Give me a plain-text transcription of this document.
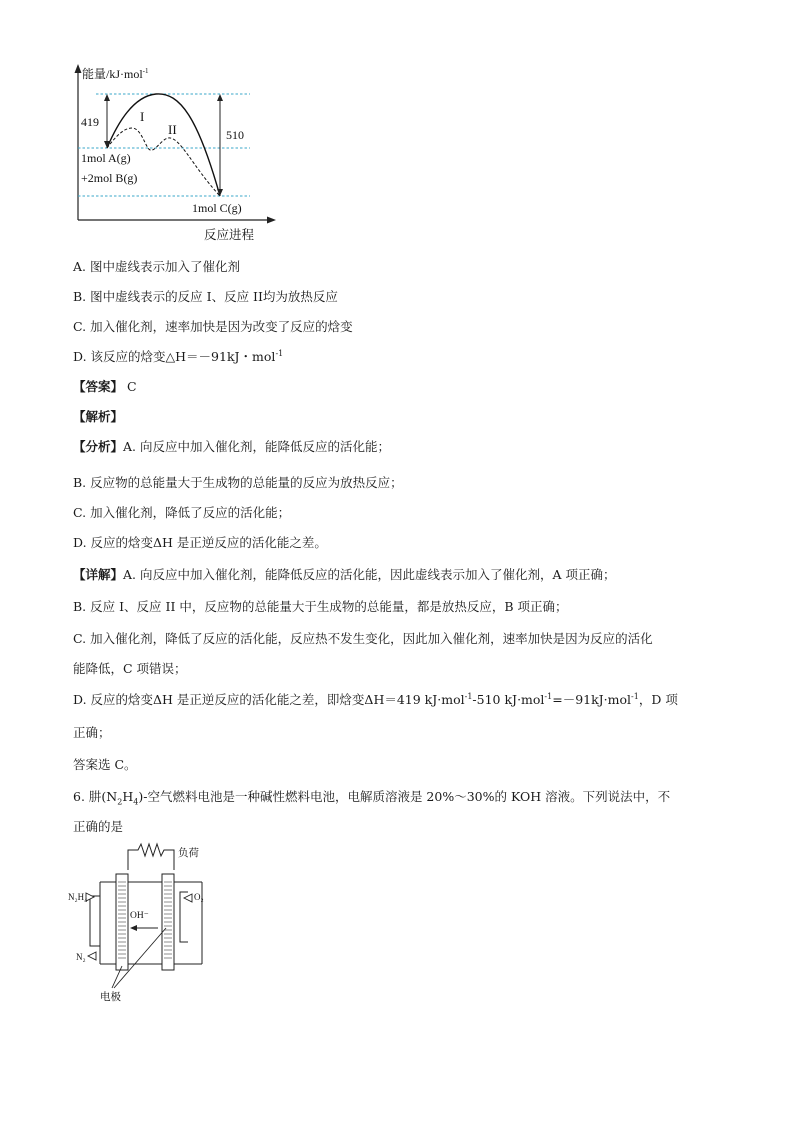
能量/kJ·mol$^{-1}$
I
II
419
510
1mol A(g)
+2mol B(g)
1mol C(g)
反应进程
A. 图中虚线表示加入了催化剂
B. 图中虚线表示的反应 I、反应 II均为放热反应
C. 加入催化剂，速率加快是因为改变了反应的焓变
D. 该反应的焓变△H＝－91kJ・mol$^{-1}$
【答案】 C
【解析】
【分析】A. 向反应中加入催化剂，能降低反应的活化能；
B. 反应物的总能量大于生成物的总能量的反应为放热反应；
C. 加入催化剂，降低了反应的活化能；
D. 反应的焓变ΔH 是正逆反应的活化能之差。
【详解】A. 向反应中加入催化剂，能降低反应的活化能，因此虚线表示加入了催化剂，A 项正确；
B. 反应 I、反应 II 中，反应物的总能量大于生成物的总能量，都是放热反应，B 项正确；
C. 加入催化剂，降低了反应的活化能，反应热不发生变化，因此加入催化剂，速率加快是因为反应的活化
能降低，C 项错误；
D. 反应的焓变ΔH 是正逆反应的活化能之差，即焓变ΔH＝419 kJ·mol$^{-1}$-510 kJ·mol$^{-1}$=－91kJ·mol$^{-1}$，D 项
正确；
答案选 C。
6. 肼$(N_2H_4)-$空气燃料电池是一种碱性燃料电池，电解质溶液是 20%～30%的 KOH 溶液。下列说法中，不
正确的是
负荷
N₂H₄	O₂
N₂
OH⁻
电极
